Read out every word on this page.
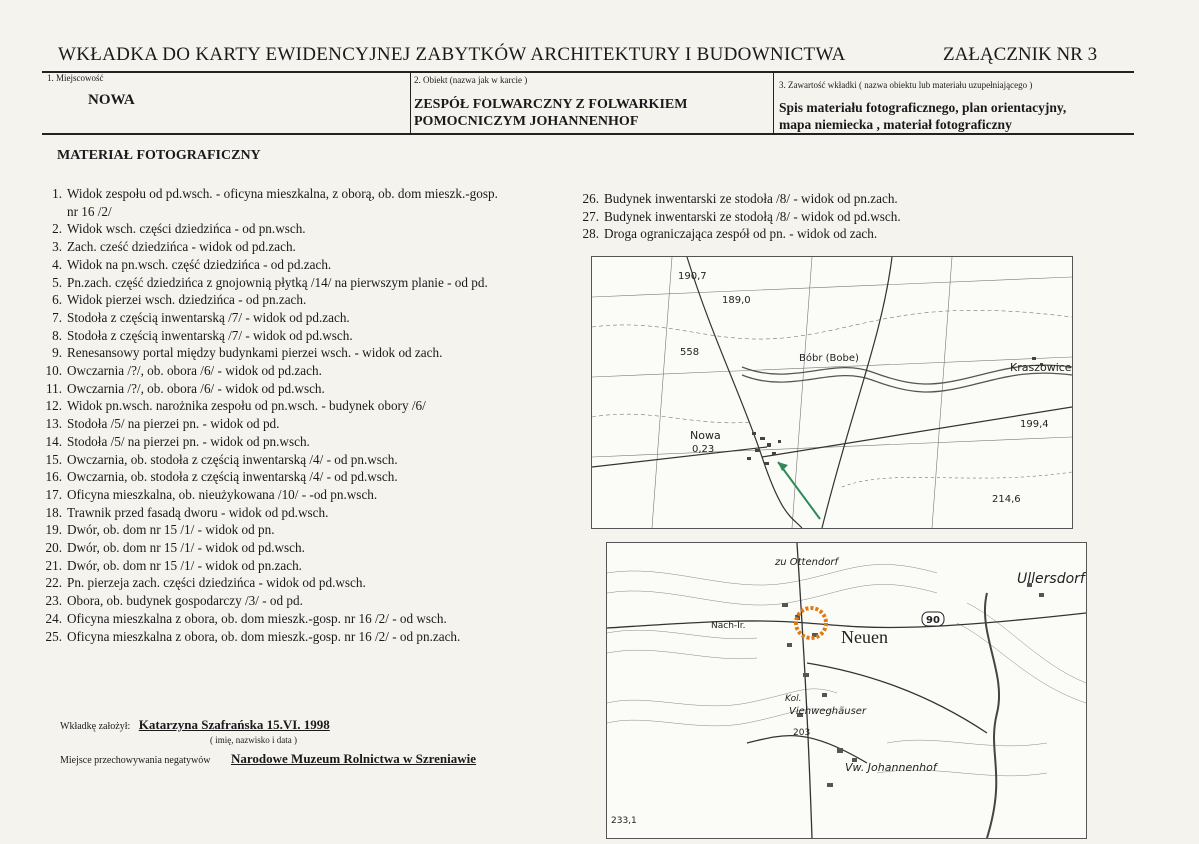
WKŁADKA DO KARTY EWIDENCYJNEJ ZABYTKÓW ARCHITEKTURY I BUDOWNICTWA	ZAŁĄCZNIK NR 3
1. Miejscowość
NOWA
2. Obiekt (nazwa jak w karcie )
ZESPÓŁ FOLWARCZNY Z FOLWARKIEM
POMOCNICZYM JOHANNENHOF
3. Zawartość wkładki ( nazwa obiektu lub materiału uzupełniającego )
Spis materiału fotograficznego, plan orientacyjny,
mapa niemiecka , materiał fotograficzny
MATERIAŁ FOTOGRAFICZNY
1. Widok zespołu od pd.wsch. - oficyna mieszkalna, z oborą, ob. dom mieszk.-gosp.
nr 16 /2/
2. Widok wsch. części dziedzińca - od pn.wsch.
3. Zach. cześć dziedzińca - widok od pd.zach.
4. Widok na pn.wsch. część dziedzińca - od pd.zach.
5. Pn.zach. część dziedzińca z gnojownią płytką /14/ na pierwszym planie - od pd.
6. Widok pierzei wsch. dziedzińca - od pn.zach.
7. Stodoła z częścią inwentarską /7/ - widok od pd.zach.
8. Stodoła z częścią inwentarską /7/ - widok od pd.wsch.
9. Renesansowy portal między budynkami pierzei wsch. - widok od zach.
10. Owczarnia /?/, ob. obora /6/ - widok od pd.zach.
11. Owczarnia /?/, ob. obora /6/ - widok od pd.wsch.
12. Widok pn.wsch. narożnika zespołu od pn.wsch. - budynek obory /6/
13. Stodoła /5/ na pierzei pn. - widok od pd.
14. Stodoła /5/ na pierzei pn. - widok od pn.wsch.
15. Owczarnia, ob. stodoła z częścią inwentarską /4/ - od pn.wsch.
16. Owczarnia, ob. stodoła z częścią inwentarską /4/ - od pd.wsch.
17. Oficyna mieszkalna, ob. nieużykowana /10/ - -od pn.wsch.
18. Trawnik przed fasadą dworu - widok od pd.wsch.
19. Dwór, ob. dom nr 15 /1/ - widok od pn.
20. Dwór, ob. dom nr 15 /1/ - widok od pd.wsch.
21. Dwór, ob. dom nr 15 /1/ - widok od pn.zach.
22. Pn. pierzeja zach. części dziedzińca - widok od pd.wsch.
23. Obora, ob. budynek gospodarczy /3/ - od pd.
24. Oficyna mieszkalna z obora, ob. dom mieszk.-gosp. nr 16 /2/ - od wsch.
25. Oficyna mieszkalna z obora, ob. dom mieszk.-gosp. nr 16 /2/ - od pn.zach.
26. Budynek inwentarski ze stodoła /8/ - widok od pn.zach.
27. Budynek inwentarski ze stodołą /8/ - widok od pd.wsch.
28. Droga ograniczająca zespół od pn. - widok od zach.
Wkładkę założył: Katarzyna Szafrańska 15.VI. 1998
( imię, nazwisko i data )
Miejsce przechowywania negatywów Narodowe Muzeum Rolnictwa w Szreniawie
190,7
189,0
558
Bóbr (Bobe)
Kraszowice
Nowa
0,23
199,4
214,6
zu Ottendorf
Ullersdorf
Nach-Ir.
Neuen
90
Kol.
Viehweghäuser
203
Vw. Johannenhof
233,1
